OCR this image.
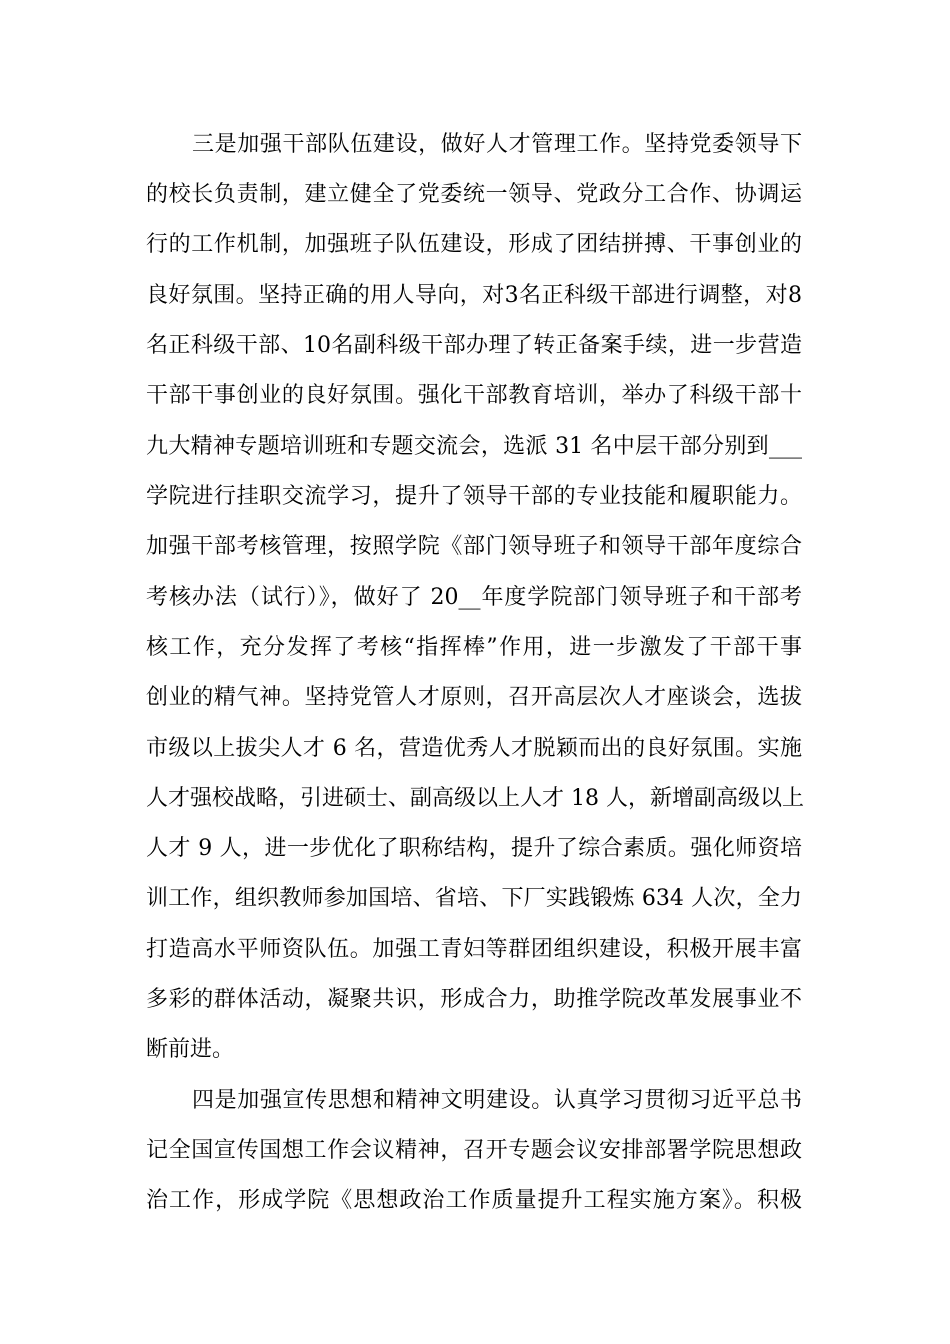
三是加强干部队伍建设，做好人才管理工作。坚持党委领导下

的校长负责制，建立健全了党委统一领导、党政分工合作、协调运

行的工作机制，加强班子队伍建设，形成了团结拼搏、干事创业的

良好氛围。坚持正确的用人导向，对3名正科级干部进行调整，对8

名正科级干部、10名副科级干部办理了转正备案手续，进一步营造

干部干事创业的良好氛围。强化干部教育培训，举办了科级干部十

九大精神专题培训班和专题交流会，选派 31 名中层干部分别到___

学院进行挂职交流学习，提升了领导干部的专业技能和履职能力。

加强干部考核管理，按照学院《部门领导班子和领导干部年度综合

考核办法（试行）》，做好了 20__年度学院部门领导班子和干部考

核工作，充分发挥了考核“指挥棒”作用，进一步激发了干部干事

创业的精气神。坚持党管人才原则，召开高层次人才座谈会，选拔

市级以上拔尖人才 6 名，营造优秀人才脱颖而出的良好氛围。实施

人才强校战略，引进硕士、副高级以上人才 18 人，新增副高级以上

人才 9 人，进一步优化了职称结构，提升了综合素质。强化师资培

训工作，组织教师参加国培、省培、下厂实践锻炼 634 人次，全力

打造高水平师资队伍。加强工青妇等群团组织建设，积极开展丰富

多彩的群体活动，凝聚共识，形成合力，助推学院改革发展事业不

断前进。

四是加强宣传思想和精神文明建设。认真学习贯彻习近平总书

记全国宣传国想工作会议精神，召开专题会议安排部署学院思想政

治工作，形成学院《思想政治工作质量提升工程实施方案》。积极
